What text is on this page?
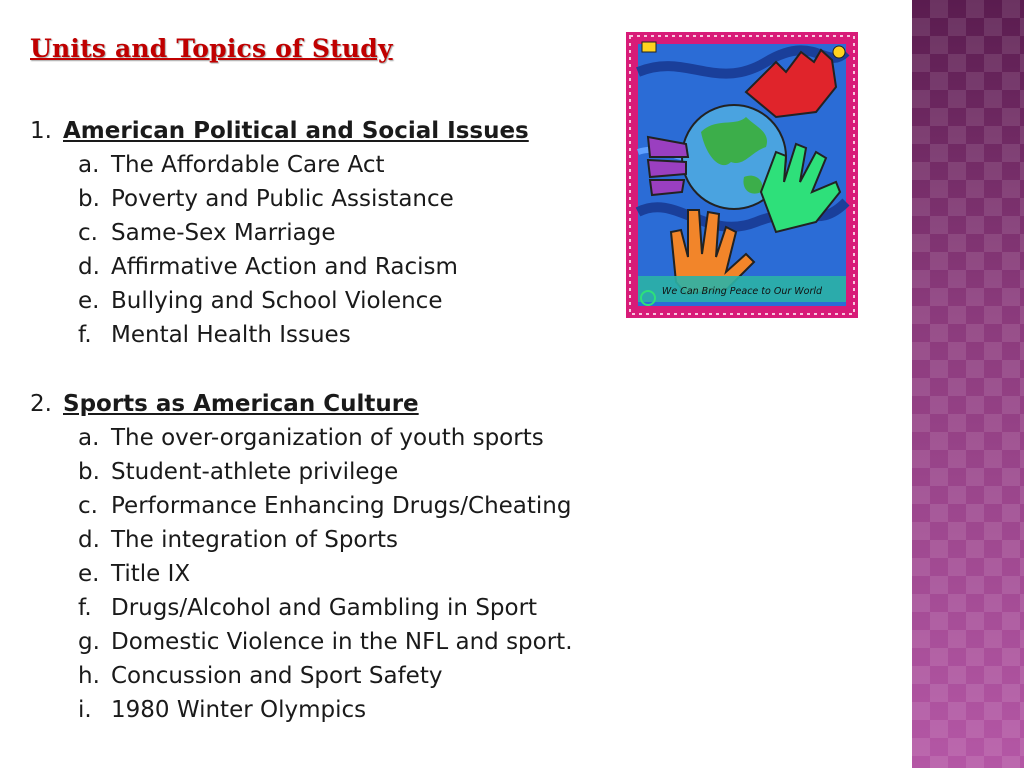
Units and Topics of Study
1. American Political and Social Issues
a. The Affordable Care Act
b. Poverty and Public Assistance
c. Same-Sex Marriage
d. Affirmative Action and Racism
e. Bullying and School Violence
f. Mental Health Issues
2. Sports as American Culture
a. The over-organization of youth sports
b. Student-athlete privilege
c. Performance Enhancing Drugs/Cheating
d. The integration of Sports
e. Title IX
f. Drugs/Alcohol and Gambling in Sport
g. Domestic Violence in the NFL and sport.
h. Concussion and Sport Safety
i. 1980 Winter Olympics
We Can Bring Peace to Our World
